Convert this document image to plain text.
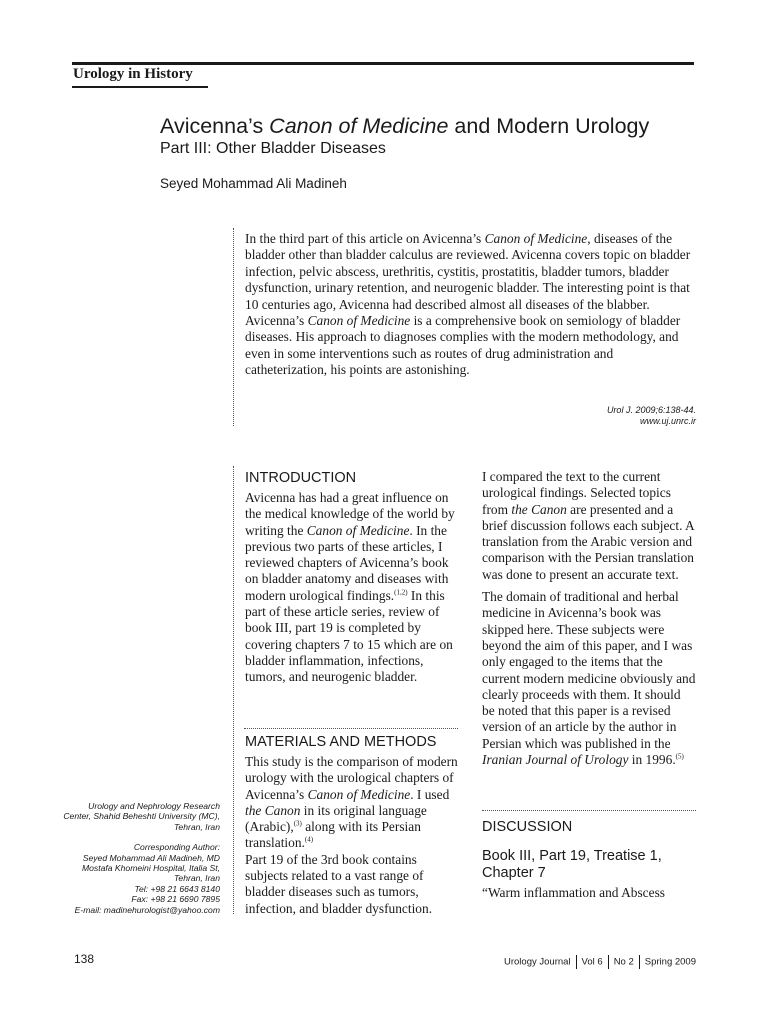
Urology in History
Avicenna’s Canon of Medicine and Modern Urology
Part III: Other Bladder Diseases
Seyed Mohammad Ali Madineh

In the third part of this article on Avicenna’s Canon of Medicine, diseases of the bladder other than bladder calculus are reviewed. Avicenna covers topic on bladder infection, pelvic abscess, urethritis, cystitis, prostatitis, bladder tumors, bladder dysfunction, urinary retention, and neurogenic bladder. The interesting point is that 10 centuries ago, Avicenna had described almost all diseases of the blabber. Avicenna’s Canon of Medicine is a comprehensive book on semiology of bladder diseases. His approach to diagnoses complies with the modern methodology, and even in some interventions such as routes of drug administration and catheterization, his points are astonishing.

Urol J. 2009;6:138-44.
www.uj.unrc.ir
INTRODUCTION

Avicenna has had a great influence on the medical knowledge of the world by writing the Canon of Medicine. In the previous two parts of these articles, I reviewed chapters of Avicenna’s book on bladder anatomy and diseases with modern urological findings.$^{(1,2)}$ In this part of these article series, review of book III, part 19 is completed by covering chapters 7 to 15 which are on bladder inflammation, infections, tumors, and neurogenic bladder.

MATERIALS AND METHODS

This study is the comparison of modern urology with the urological chapters of Avicenna’s Canon of Medicine. I used the Canon in its original language (Arabic),$^{(3)}$ along with its Persian translation.$^{(4)}$

Part 19 of the 3rd book contains subjects related to a vast range of bladder diseases such as tumors, infection, and bladder dysfunction.

I compared the text to the current urological findings. Selected topics from the Canon are presented and a brief discussion follows each subject. A translation from the Arabic version and comparison with the Persian translation was done to present an accurate text.

The domain of traditional and herbal medicine in Avicenna’s book was skipped here. These subjects were beyond the aim of this paper, and I was only engaged to the items that the current modern medicine obviously and clearly proceeds with them. It should be noted that this paper is a revised version of an article by the author in Persian which was published in the Iranian Journal of Urology in 1996.$^{(5)}$

DISCUSSION
Book III, Part 19, Treatise 1, Chapter 7

“Warm inflammation and Abscess

Urology and Nephrology Research Center, Shahid Beheshti University (MC), Tehran, Iran

Corresponding Author:

Seyed Mohammad Ali Madineh, MD

Mostafa Khomeini Hospital, Italia St, Tehran, Iran

Tel: +98 21 6643 8140

Fax: +98 21 6690 7895

E-mail: madinehurologist@yahoo.com

138	Urology Journal Vol 6 No 2 Spring 2009
